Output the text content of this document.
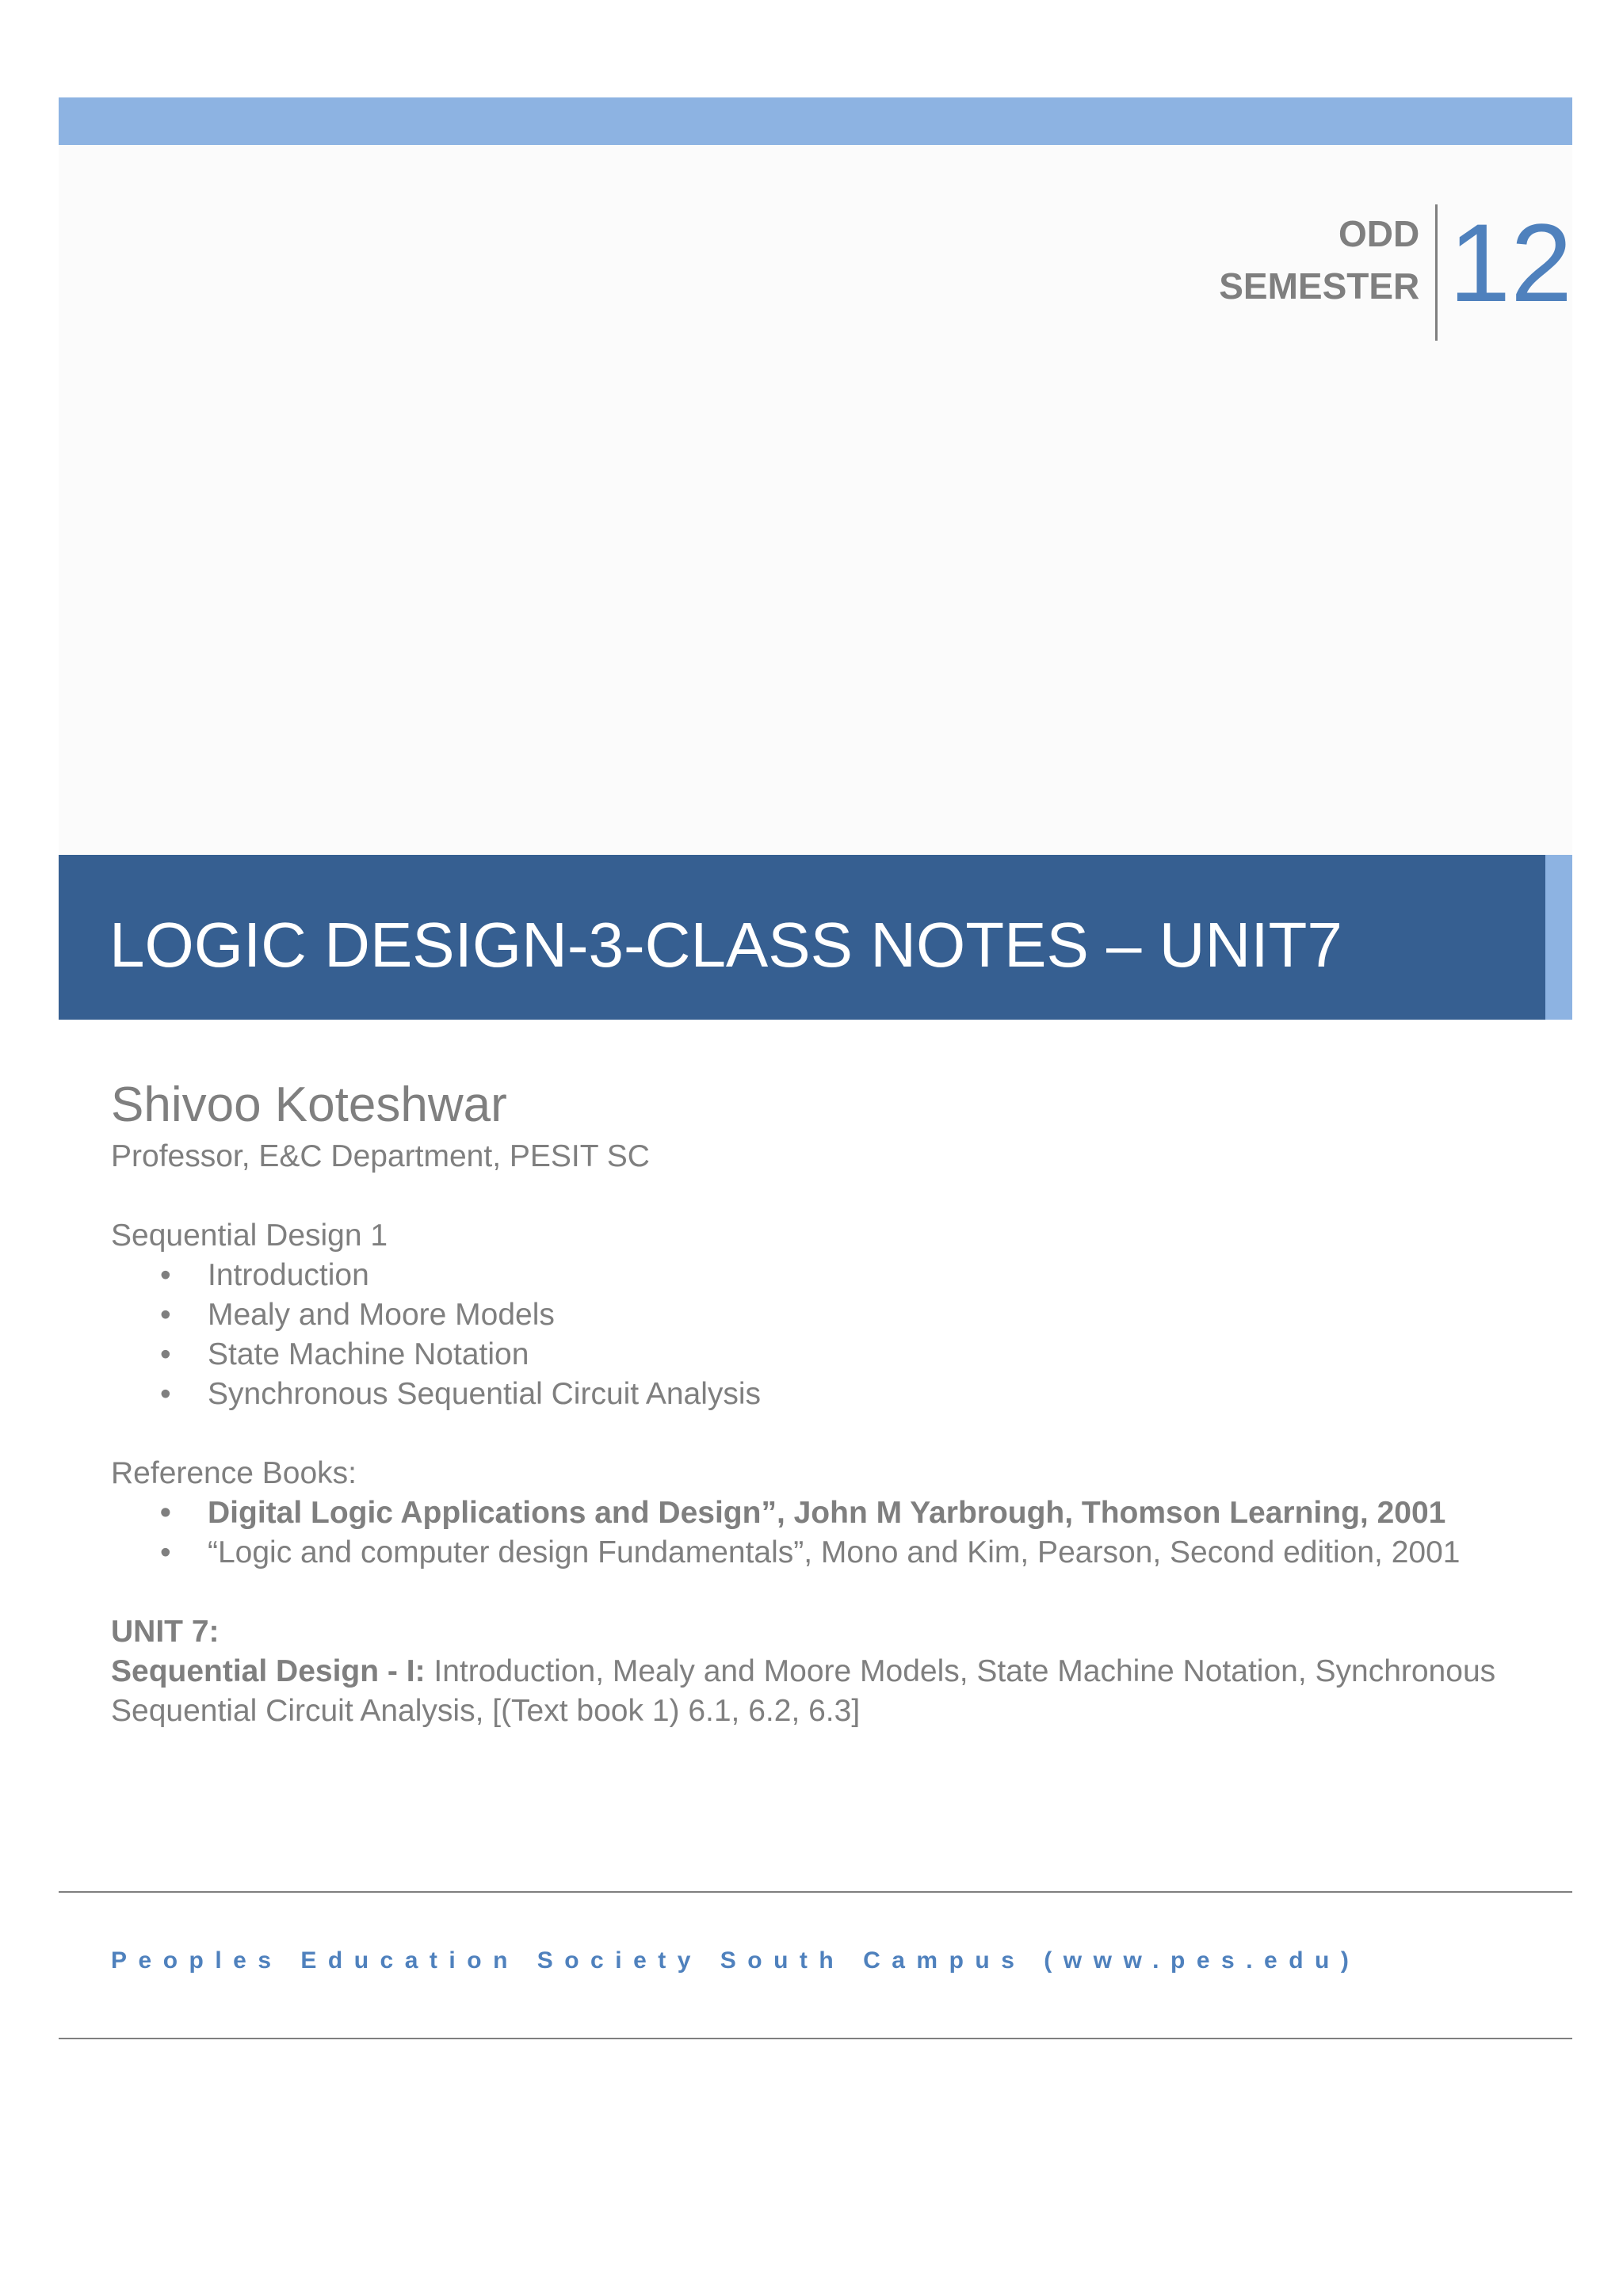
ODD
SEMESTER 12
LOGIC DESIGN-3-CLASS NOTES – UNIT7
Shivoo Koteshwar
Professor, E&C Department, PESIT SC
Sequential Design 1
• Introduction
• Mealy and Moore Models
• State Machine Notation
• Synchronous Sequential Circuit Analysis
Reference Books:
• Digital Logic Applications and Design”, John M Yarbrough, Thomson Learning, 2001
• “Logic and computer design Fundamentals”, Mono and Kim, Pearson, Second edition, 2001
UNIT 7:
Sequential Design - I: Introduction, Mealy and Moore Models, State Machine Notation, Synchronous Sequential Circuit Analysis, [(Text book 1) 6.1, 6.2, 6.3]
Peoples Education Society South Campus (www.pes.edu)
